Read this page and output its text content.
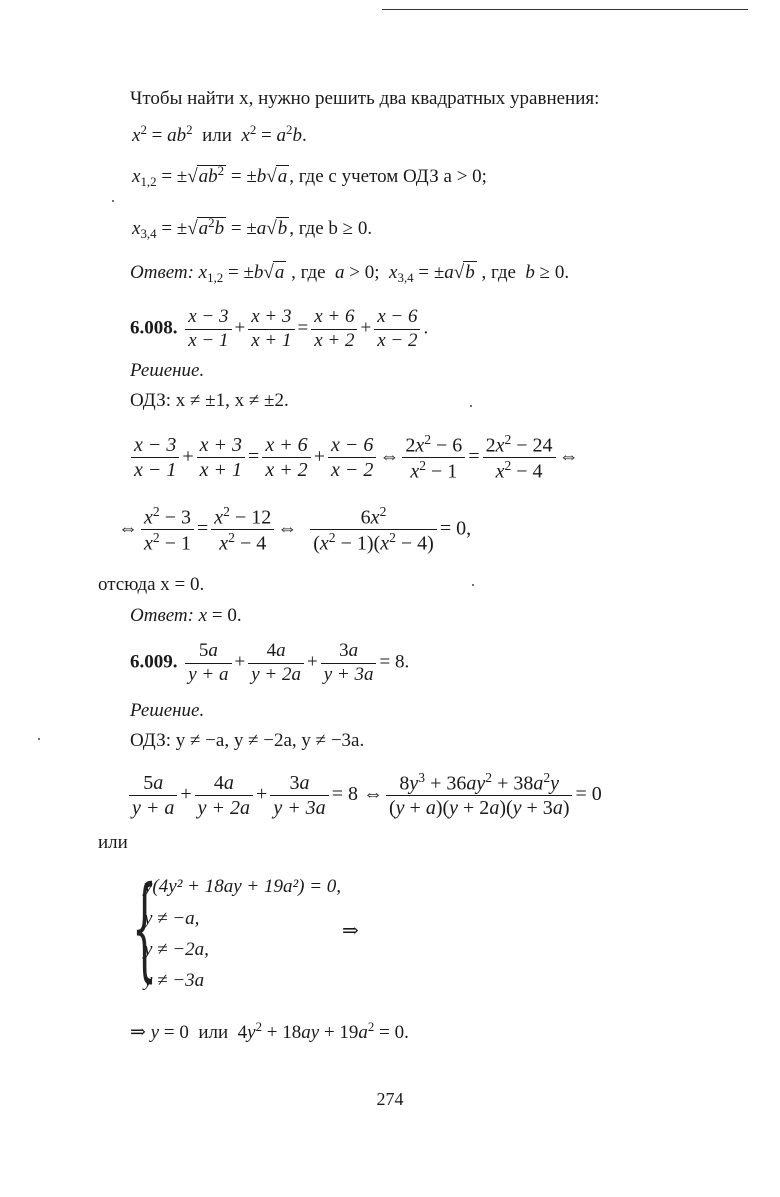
Чтобы найти x, нужно решить два квадратных уравнения:
$x^2 = ab^2$  или  $x^2 = a^2b$.
$x_{1,2} = \pm√ab^2 = \pm b√a$ , где с учетом ОДЗ a > 0;
$x_{3,4} = \pm√a^2b = \pm a√b$ , где b ≥ 0.
Ответ: $x_{1,2} = \pm b√a$ , где  a > 0;  $x_{3,4} = \pm a√b$ , где  b ≥ 0.
6.008. $\frac{x - 3}{x - 1} + \frac{x + 3}{x + 1} = \frac{x + 6}{x + 2} + \frac{x - 6}{x - 2}$ .
Решение.
ОДЗ: x ≠ ±1, x ≠ ±2.
$\frac{x - 3}{x - 1} + \frac{x + 3}{x + 1} = \frac{x + 6}{x + 2} + \frac{x - 6}{x - 2}$ ⇔ $\frac{2x^2 - 6}{x^2 - 1} = \frac{2x^2 - 24}{x^2 - 4}$ ⇔
⇔ $\frac{x^2 - 3}{x^2 - 1} = \frac{x^2 - 12}{x^2 - 4}$ ⇔ $\frac{6x^2}{(x^2 - 1)(x^2 - 4)} = 0$,
отсюда x = 0.
Ответ: x = 0.
6.009. $\frac{5a}{y + a} + \frac{4a}{y + 2a} + \frac{3a}{y + 3a} = 8$.
Решение.
ОДЗ: y ≠ −a, y ≠ −2a, y ≠ −3a.
$\frac{5a}{y + a} + \frac{4a}{y + 2a} + \frac{3a}{y + 3a} = 8$ ⇔ $\frac{8y^3 + 36ay^2 + 38a^2y}{(y + a)(y + 2a)(y + 3a)} = 0$
или
{
y(4y² + 18ay + 19a²) = 0,
y ≠ −a,
y ≠ −2a,
y ≠ −3a
⇒
⇒ y = 0  или  $4y^2 + 18ay + 19a^2 = 0$.
274
